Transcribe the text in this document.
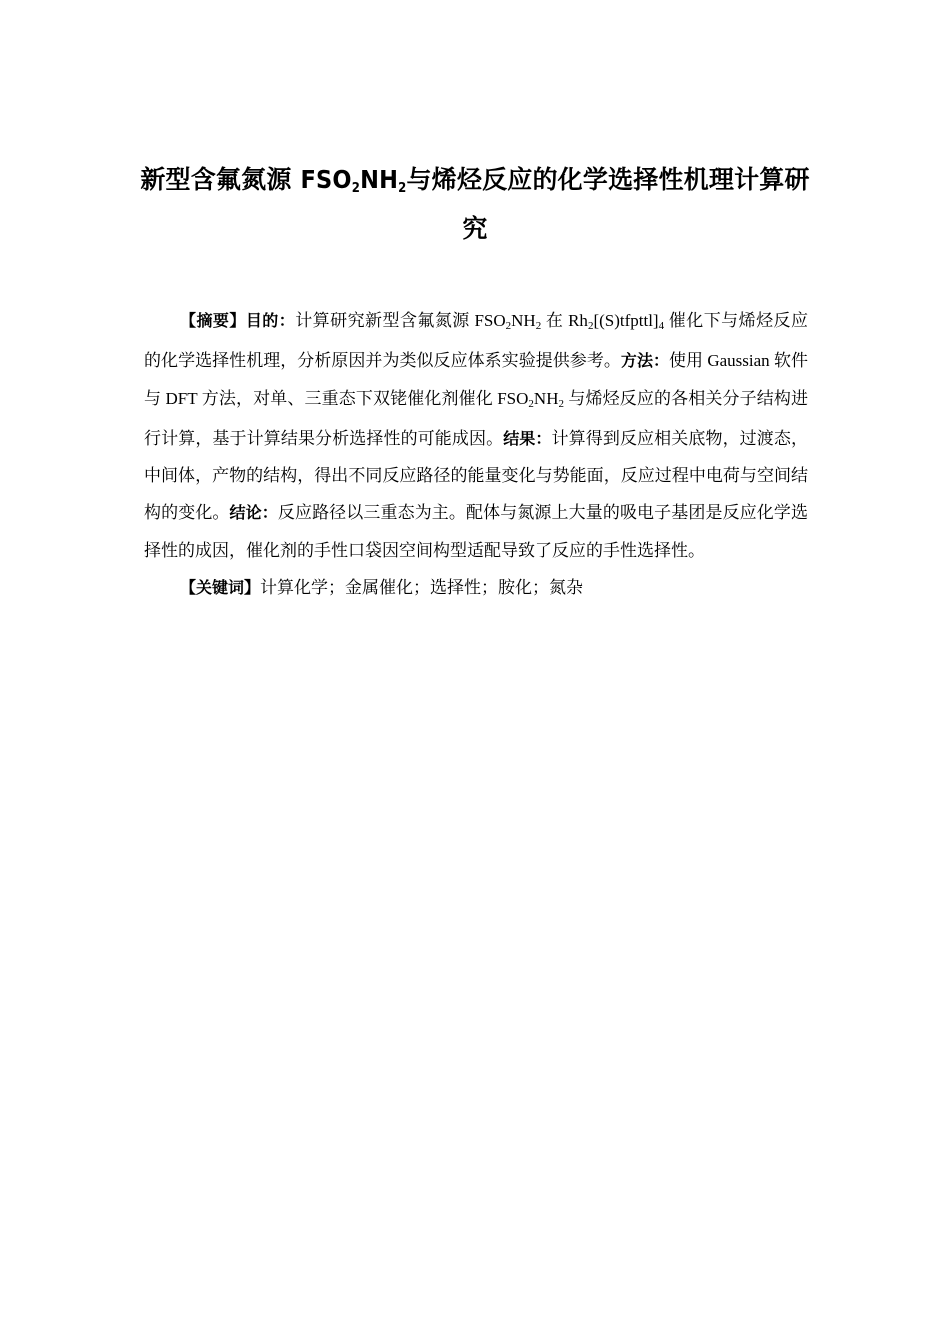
新型含氟氮源 $FSO_2NH_2$与烯烃反应的化学选择性机理计算研
究

【摘要】目的：计算研究新型含氟氮源 $FSO_2NH_2$ 在 $Rh_2[(S)tfpttl]_4$ 催化下与烯烃反应的化学选择性机理，分析原因并为类似反应体系实验提供参考。方法：使用 Gaussian 软件与 DFT 方法，对单、三重态下双铑催化剂催化 $FSO_2NH_2$ 与烯烃反应的各相关分子结构进行计算，基于计算结果分析选择性的可能成因。结果：计算得到反应相关底物，过渡态，中间体，产物的结构，得出不同反应路径的能量变化与势能面，反应过程中电荷与空间结构的变化。结论：反应路径以三重态为主。配体与氮源上大量的吸电子基团是反应化学选择性的成因，催化剂的手性口袋因空间构型适配导致了反应的手性选择性。

【关键词】计算化学；金属催化；选择性；胺化；氮杂
